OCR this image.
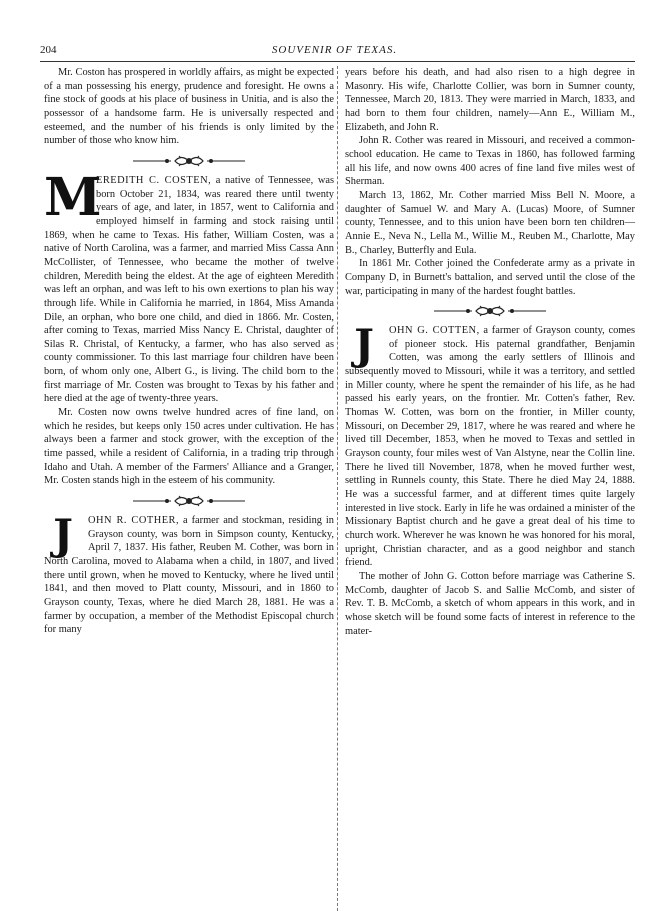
204	SOUVENIR OF TEXAS.

Mr. Coston has prospered in worldly affairs, as might be expected of a man possessing his energy, prudence and foresight. He owns a fine stock of goods at his place of business in Unitia, and is also the possessor of a handsome farm. He is universally respected and esteemed, and the number of his friends is only limited by the number of those who know him.

M

EREDITH C. COSTEN, a native of Tennessee, was born October 21, 1834, was reared there until twenty years of age, and later, in 1857, went to California and employed himself in farming and stock raising until 1869, when he came to Texas. His father, William Costen, was a native of North Carolina, was a farmer, and married Miss Cassa Ann McCollister, of Tennessee, who became the mother of twelve children, Meredith being the eldest. At the age of eighteen Meredith was left an orphan, and was left to his own exertions to plan his way through life. While in California he married, in 1864, Miss Amanda Dile, an orphan, who bore one child, and died in 1866. Mr. Costen, after coming to Texas, married Miss Nancy E. Christal, daughter of Silas R. Christal, of Kentucky, a farmer, who has also served as county commissioner. To this last marriage four children have been born, of whom only one, Albert G., is living. The child born to the first marriage of Mr. Costen was brought to Texas by his father and here died at the age of twenty-three years.

Mr. Costen now owns twelve hundred acres of fine land, on which he resides, but keeps only 150 acres under cultivation. He has always been a farmer and stock grower, with the exception of the time passed, while a resident of California, in a trading trip through Idaho and Utah. A member of the Farmers' Alliance and a Granger, Mr. Costen stands high in the esteem of his community.

J	OHN R. COTHER, a farmer and stockman, residing in Grayson county, was born in Simpson county, Kentucky, April 7, 1837. His father, Reuben M. Cother, was born in North Carolina, moved to Alabama when a child, in 1807, and lived there until grown, when he moved to Kentucky, where he lived until 1841, and then moved to Platt county, Missouri, and in 1860 to Grayson county, Texas, where he died March 28, 1881. He was a farmer by occupation, a member of the Methodist Episcopal church for many

years before his death, and had also risen to a high degree in Masonry. His wife, Charlotte Collier, was born in Sumner county, Tennessee, March 20, 1813. They were married in March, 1833, and had born to them four children, namely—Ann E., William M., Elizabeth, and John R.

John R. Cother was reared in Missouri, and received a common-school education. He came to Texas in 1860, has followed farming all his life, and now owns 400 acres of fine land five miles west of Sherman.

March 13, 1862, Mr. Cother married Miss Bell N. Moore, a daughter of Samuel W. and Mary A. (Lucas) Moore, of Sumner county, Tennessee, and to this union have been born ten children—Annie E., Neva N., Lella M., Willie M., Reuben M., Charlotte, May B., Charley, Butterfly and Eula.

In 1861 Mr. Cother joined the Confederate army as a private in Company D, in Burnett's battalion, and served until the close of the war, participating in many of the hardest fought battles.

J	OHN G. COTTEN, a farmer of Grayson county, comes of pioneer stock. His paternal grandfather, Benjamin Cotten, was among the early settlers of Illinois and subsequently moved to Missouri, while it was a territory, and settled in Miller county, where he spent the remainder of his life, as he had passed his early years, on the frontier. Mr. Cotten's father, Rev. Thomas W. Cotten, was born on the frontier, in Miller county, Missouri, on December 29, 1817, where he was reared and where he lived till December, 1853, when he moved to Texas and settled in Grayson county, four miles west of Van Alstyne, near the Collin line. There he lived till November, 1878, when he moved further west, settling in Runnels county, this State. There he died May 24, 1888. He was a successful farmer, and at different times quite largely interested in live stock. Early in life he was ordained a minister of the Missionary Baptist church and he gave a great deal of his time to church work. Wherever he was known he was honored for his moral, upright, Christian character, and as a good neighbor and stanch friend.

The mother of John G. Cotton before marriage was Catherine S. McComb, daughter of Jacob S. and Sallie McComb, and sister of Rev. T. B. McComb, a sketch of whom appears in this work, and in whose sketch will be found some facts of interest in reference to the mater-
